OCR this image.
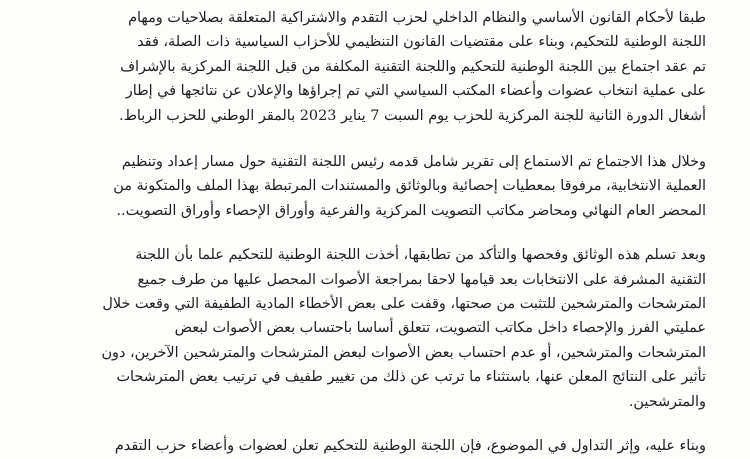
طبقا لأحكام القانون الأساسي والنظام الداخلي لحزب التقدم والاشتراكية المتعلقة بصلاحيات ومهام
اللجنة الوطنية للتحكيم، وبناء على مقتضيات القانون التنظيمي للأحزاب السياسية ذات الصلة، فقد
تم عقد اجتماع بين اللجنة الوطنية للتحكيم واللجنة التقنية المكلفة من قبل اللجنة المركزية بالإشراف
على عملية انتخاب عضوات وأعضاء المكتب السياسي التي تم إجراؤها والإعلان عن نتائجها في إطار
أشغال الدورة الثانية للجنة المركزية للحزب يوم السبت 7 يناير 2023 بالمقر الوطني للحزب الرباط.

وخلال هذا الاجتماع تم الاستماع إلى تقرير شامل قدمه رئيس اللجنة التقنية حول مسار إعداد وتنظيم
العملية الانتخابية، مرفوقا بمعطيات إحصائية وبالوثائق والمستندات المرتبطة بهذا الملف والمتكونة من
المحضر العام النهائي ومحاضر مكاتب التصويت المركزية والفرعية وأوراق الإحصاء وأوراق التصويت..

وبعد تسلم هذه الوثائق وفحصها والتأكد من تطابقها، أخذت اللجنة الوطنية للتحكيم علما بأن اللجنة
التقنية المشرفة على الانتخابات بعد قيامها لاحقا بمراجعة الأصوات المحصل عليها من طرف جميع
المترشحات والمترشحين للتثبت من صحتها، وقفت على بعض الأخطاء المادية الطفيفة التي وقعت خلال
عمليتي الفرز والإحصاء داخل مكاتب التصويت، تتعلق أساسا باحتساب بعض الأصوات لبعض
المترشحات والمترشحين، أو عدم احتساب بعض الأصوات لبعض المترشحات والمترشحين الآخرين، دون
تأثير على النتائج المعلن عنها، باستثناء ما ترتب عن ذلك من تغيير طفيف في ترتيب بعض المترشحات
والمترشحين.

وبناء عليه، وإثر التداول في الموضوع، فإن اللجنة الوطنية للتحكيم تعلن لعضوات وأعضاء حزب التقدم
